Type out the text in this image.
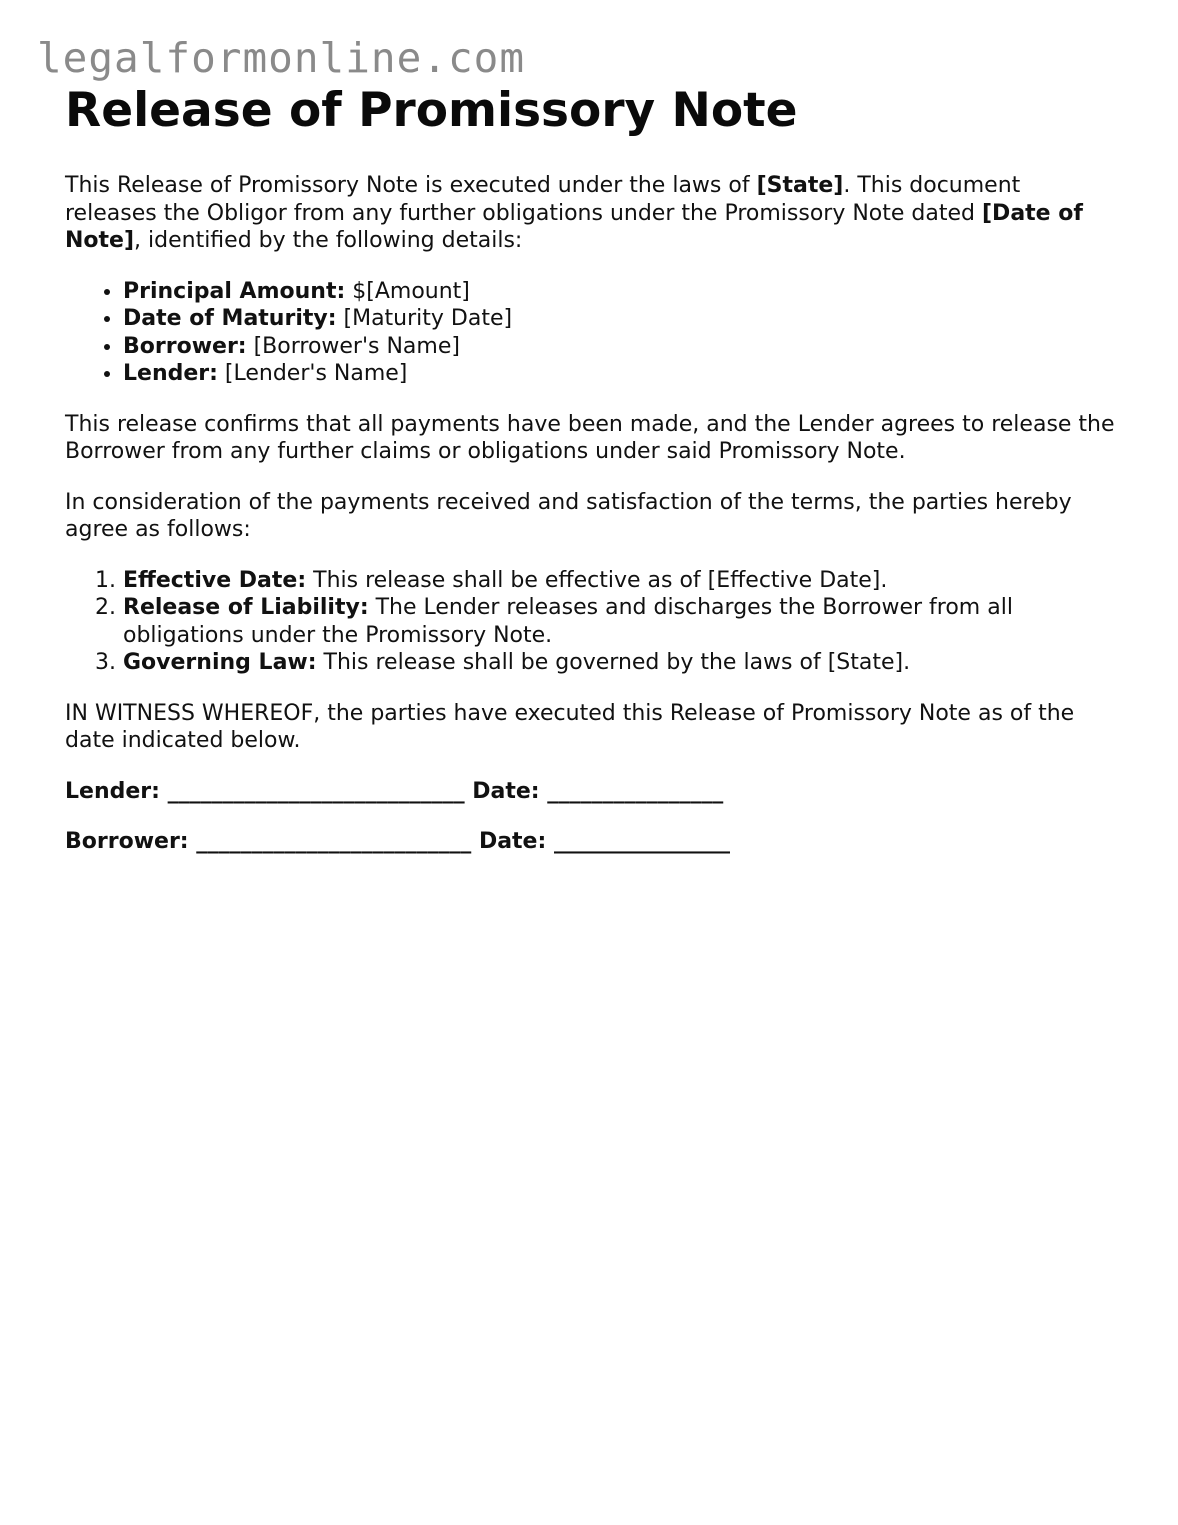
legalformonline.com
Release of Promissory Note

This Release of Promissory Note is executed under the laws of [State]. This document releases the Obligor from any further obligations under the Promissory Note dated [Date of Note], identified by the following details:

• Principal Amount: $[Amount]
• Date of Maturity: [Maturity Date]
• Borrower: [Borrower's Name]
• Lender: [Lender's Name]

This release confirms that all payments have been made, and the Lender agrees to release the Borrower from any further claims or obligations under said Promissory Note.

In consideration of the payments received and satisfaction of the terms, the parties hereby agree as follows:

1. Effective Date: This release shall be effective as of [Effective Date].
2. Release of Liability: The Lender releases and discharges the Borrower from all obligations under the Promissory Note.
3. Governing Law: This release shall be governed by the laws of [State].

IN WITNESS WHEREOF, the parties have executed this Release of Promissory Note as of the date indicated below.

Lender: ___________________________ Date: ________________
Borrower: _________________________ Date: ________________
